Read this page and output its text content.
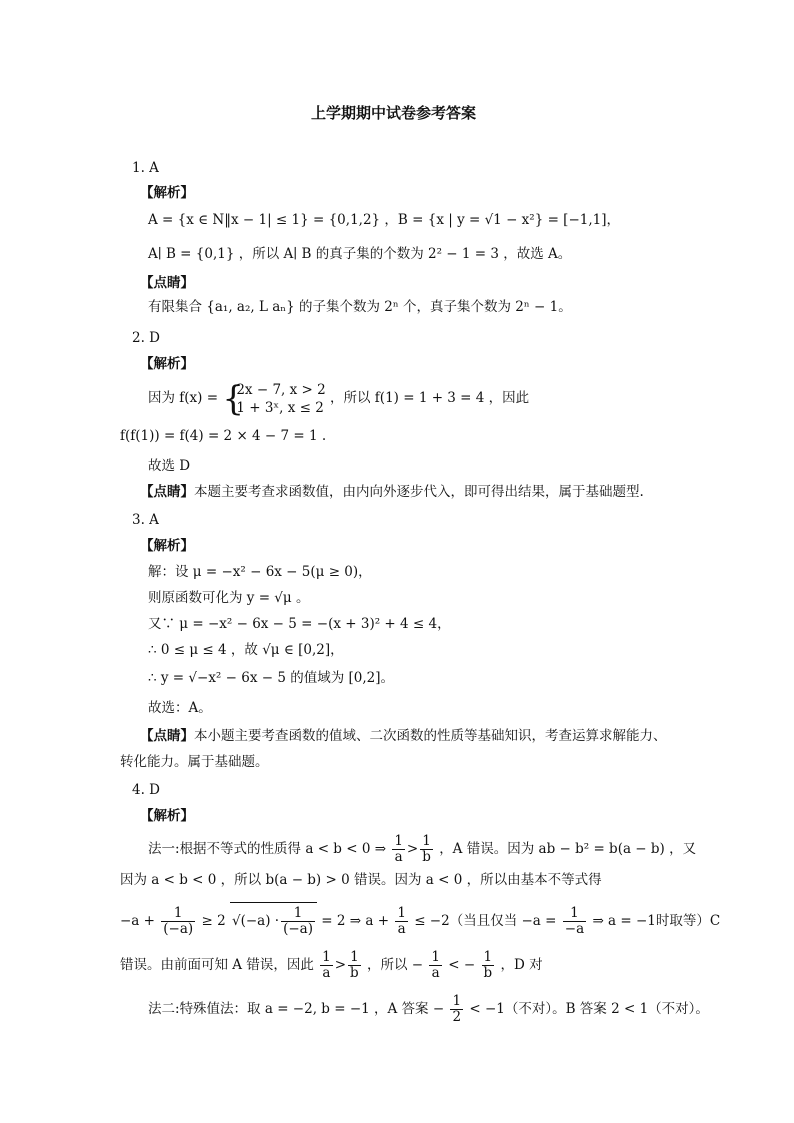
上学期期中试卷参考答案
1. A
【解析】
A = {x ∈ N‖x − 1| ≤ 1} = {0,1,2} ，B = {x | y = √1 − x²} = [−1,1]，
A∣ B = {0,1} ，所以 A∣ B 的真子集的个数为 2² − 1 = 3 ，故选 A。
【点睛】
有限集合 {a₁, a₂, L aₙ} 的子集个数为 2ⁿ 个，真子集个数为 2ⁿ − 1。
2. D
【解析】
因为 f(x) = {
2x − 7, x > 2
1 + 3ˣ, x ≤ 2
，所以 f(1) = 1 + 3 = 4 ，因此
f(f(1)) = f(4) = 2 × 4 − 7 = 1 .
故选 D
【点睛】本题主要考查求函数值，由内向外逐步代入，即可得出结果，属于基础题型.
3. A
【解析】
解：设 μ = −x² − 6x − 5(μ ≥ 0)，
则原函数可化为 y = √μ 。
又∵ μ = −x² − 6x − 5 = −(x + 3)² + 4 ≤ 4，
∴ 0 ≤ μ ≤ 4 ，故 √μ ∈ [0,2]，
∴ y = √−x² − 6x − 5 的值域为 [0,2]。
故选：A。
【点睛】本小题主要考查函数的值域、二次函数的性质等基础知识，考查运算求解能力、
转化能力。属于基础题。
4. D
【解析】
法一:根据不等式的性质得 a < b < 0 ⇒ $\frac{1}{a} > \frac{1}{b}$ ，A 错误。因为 ab − b² = b(a − b) ，又
因为 a < b < 0 ，所以 b(a − b) > 0 错误。因为 a < 0 ，所以由基本不等式得
$-a + \frac{1}{(-a)} \ge 2$ $√(-a) \cdot \frac{1}{(-a)} = 2$ ⇒ $a + \frac{1}{a} \le -2$（当且仅当 $-a = \frac{1}{-a}$ ⇒ a = −1时取等）C
错误。由前面可知 A 错误，因此 $\frac{1}{a} > \frac{1}{b}$ ，所以 − $\frac{1}{a}$ < − $\frac{1}{b}$ ，D 对
法二:特殊值法：取 a = −2, b = −1 ，A 答案 − $\frac{1}{2} < -1$（不对）。B 答案 2 < 1（不对）。
